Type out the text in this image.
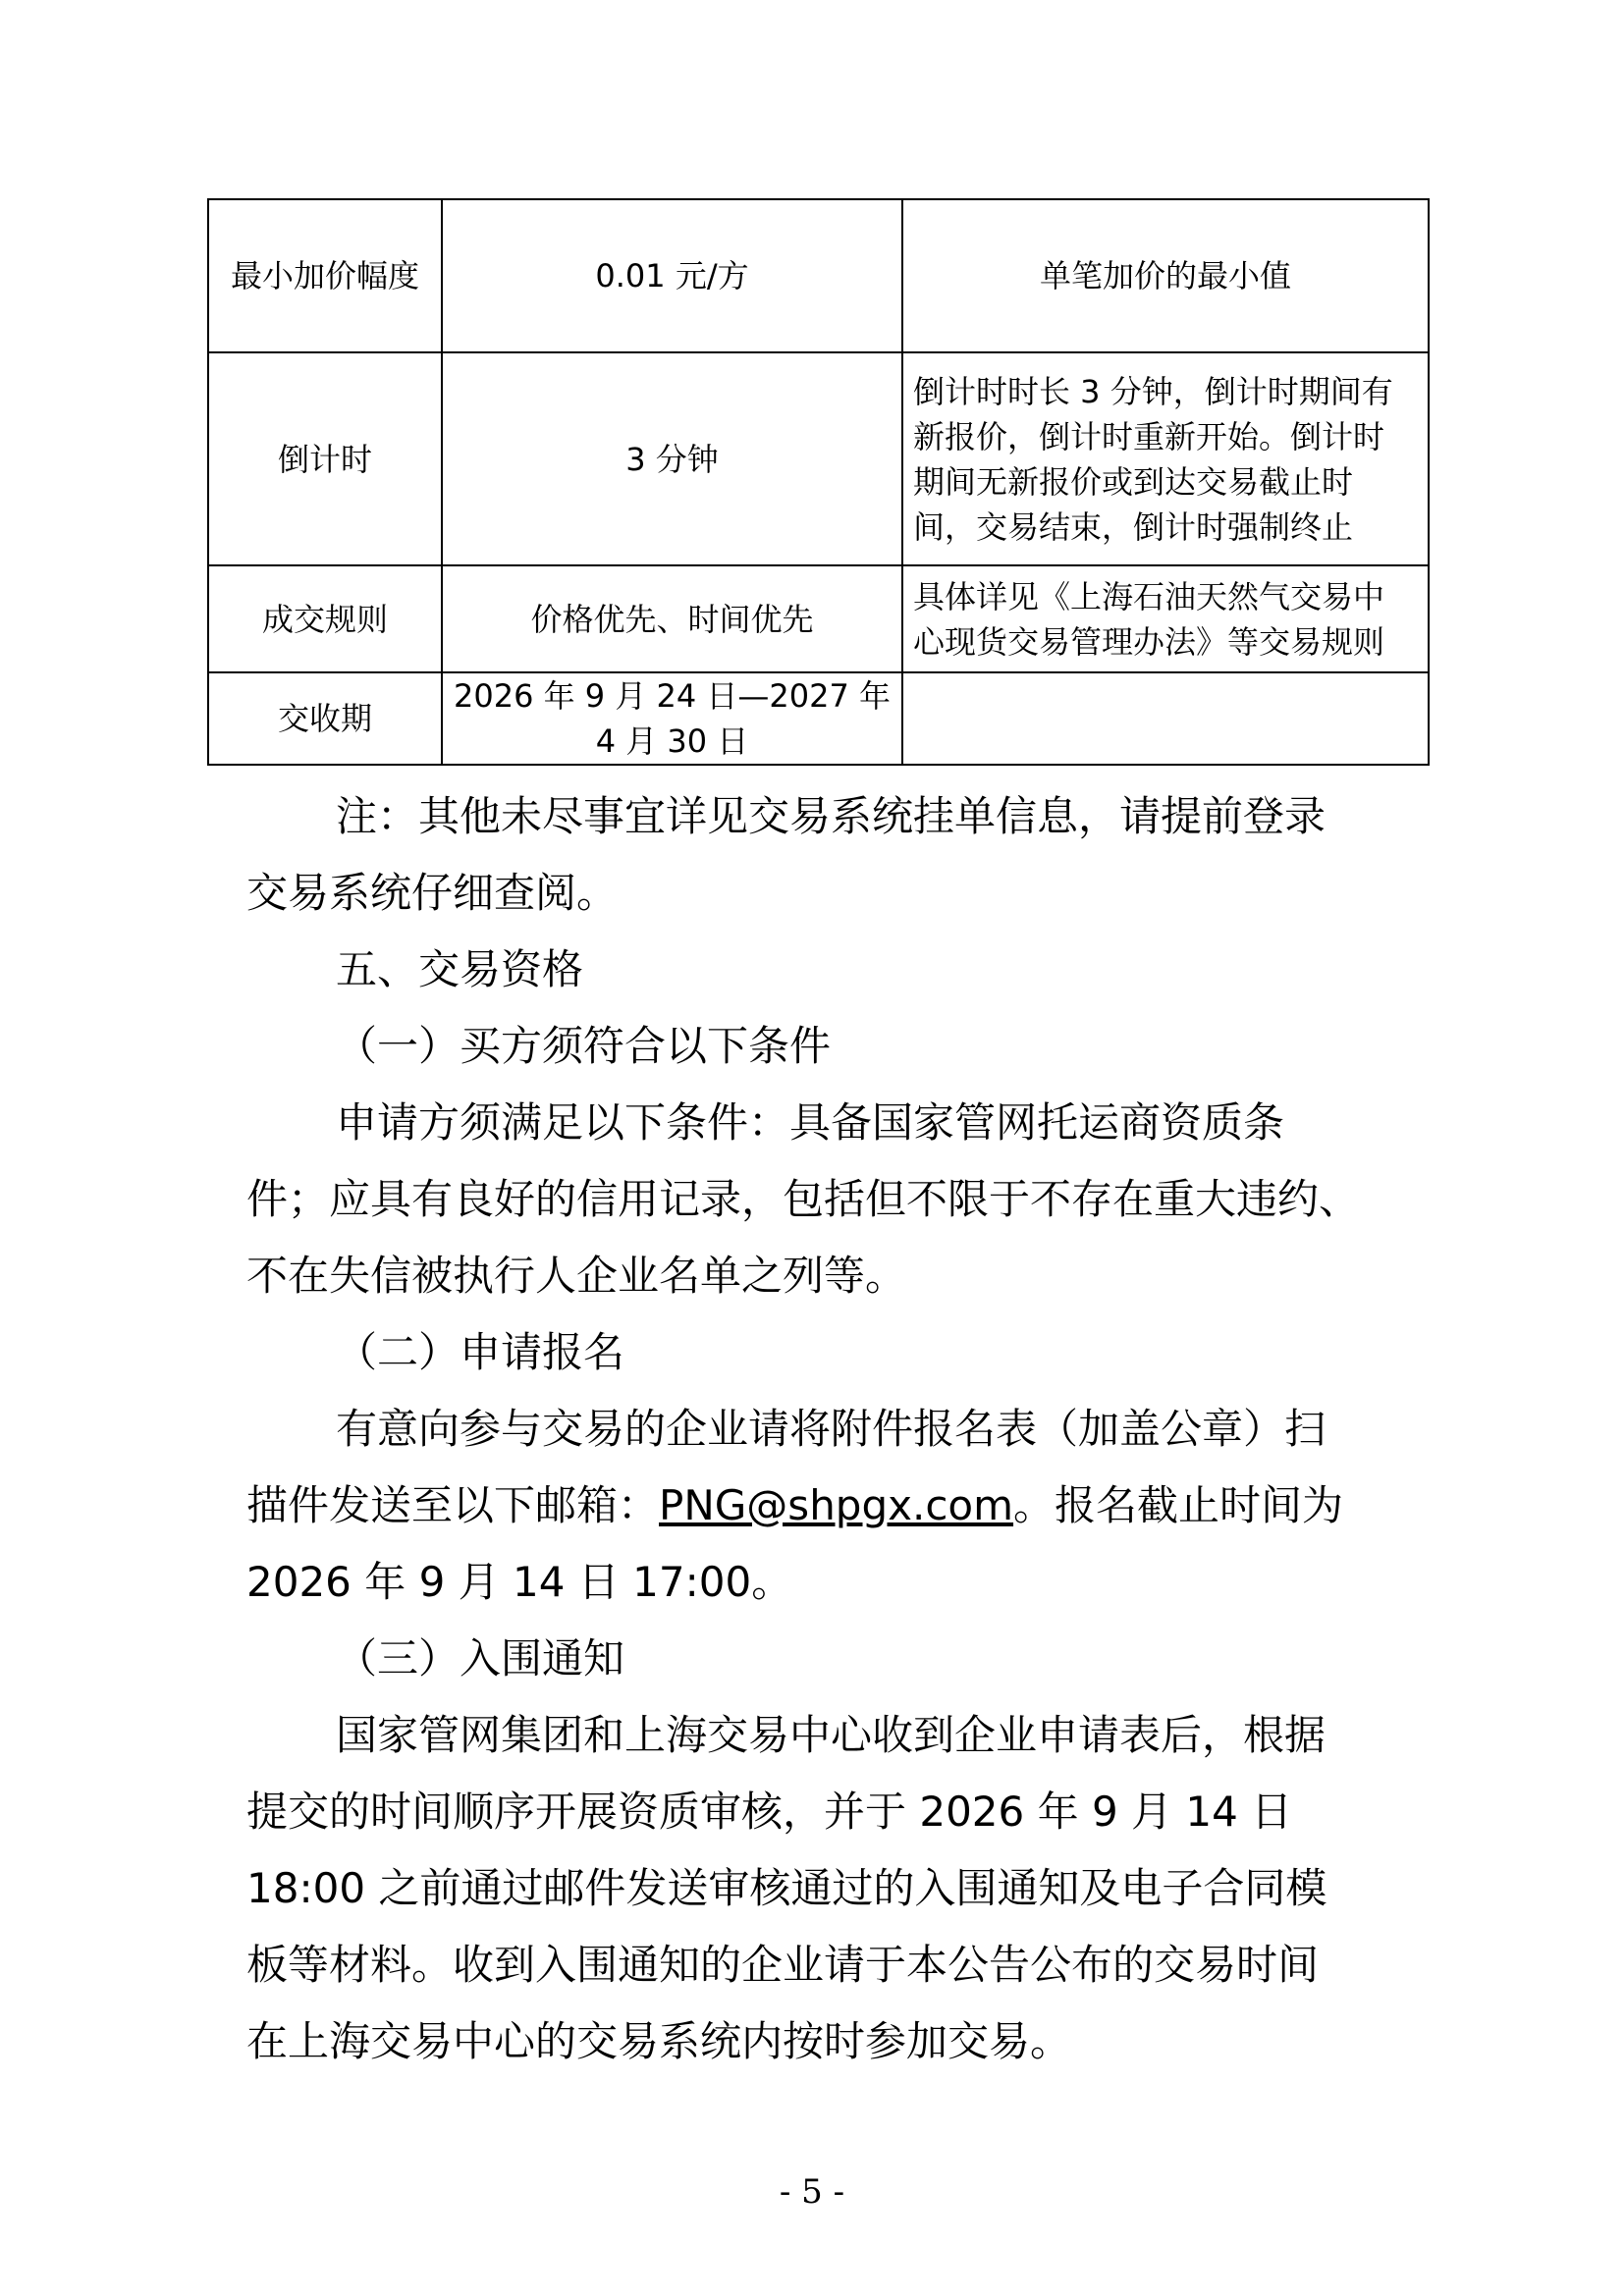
最小加价幅度	0.01 元/方	单笔加价的最小值
倒计时	3 分钟	倒计时时长 3 分钟，倒计时期间有
新报价，倒计时重新开始。倒计时
期间无新报价或到达交易截止时
间，交易结束，倒计时强制终止

成交规则	价格优先、时间优先	具体详见《上海石油天然气交易中
心现货交易管理办法》等交易规则

交收期	2026 年 9 月 24 日—2027 年
4 月 30 日	

注：其他未尽事宜详见交易系统挂单信息，请提前登录
交易系统仔细查阅。
五、交易资格
（一）买方须符合以下条件
申请方须满足以下条件：具备国家管网托运商资质条
件；应具有良好的信用记录，包括但不限于不存在重大违约、
不在失信被执行人企业名单之列等。
（二）申请报名
有意向参与交易的企业请将附件报名表（加盖公章）扫
描件发送至以下邮箱：PNG@shpgx.com。报名截止时间为
2026 年 9 月 14 日 17:00。
（三）入围通知
国家管网集团和上海交易中心收到企业申请表后，根据
提交的时间顺序开展资质审核，并于 2026 年 9 月 14 日
18:00 之前通过邮件发送审核通过的入围通知及电子合同模
板等材料。收到入围通知的企业请于本公告公布的交易时间
在上海交易中心的交易系统内按时参加交易。
- 5 -
